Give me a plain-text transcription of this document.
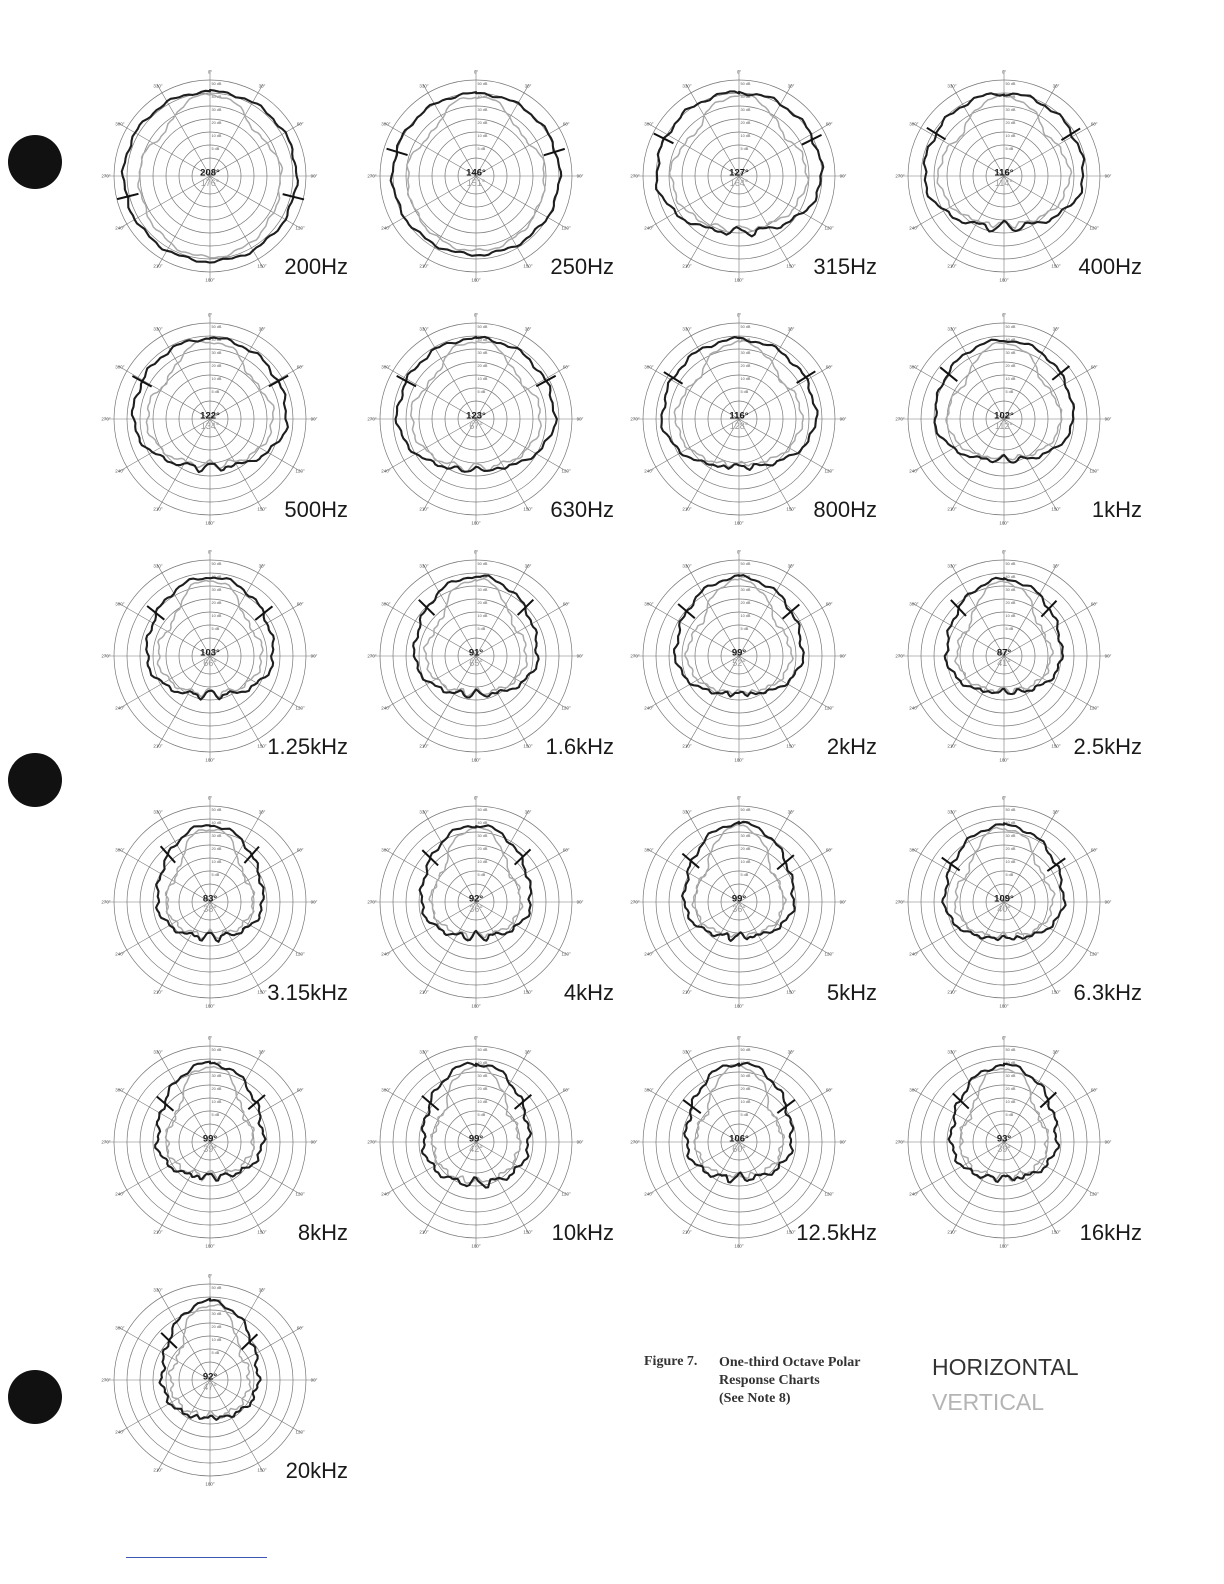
0°
30°
60°
90°
120°
150°
180°
210°
240°
270°
300°
330°	50 dB
40 dB
30 dB
20 dB
10 dB
5 dB
208°
176°
200Hz
0°
30°
60°
90°
120°
150°
180°
210°
240°
270°
300°
330°	50 dB
40 dB
30 dB
20 dB
10 dB
5 dB
146°
151°
250Hz
0°
30°
60°
90°
120°
150°
180°
210°
240°
270°
300°
330°	50 dB
40 dB
30 dB
20 dB
10 dB
5 dB
127°
164°
315Hz
0°
30°
60°
90°
120°
150°
180°
210°
240°
270°
300°
330°	50 dB
40 dB
30 dB
20 dB
10 dB
5 dB
116°
114°
400Hz
0°
30°
60°
90°
120°
150°
180°
210°
240°
270°
300°
330°	50 dB
40 dB
30 dB
20 dB
10 dB
5 dB
122°
134°
500Hz
0°
30°
60°
90°
120°
150°
180°
210°
240°
270°
300°
330°	50 dB
40 dB
30 dB
20 dB
10 dB
5 dB
123°
67°
630Hz
0°
30°
60°
90°
120°
150°
180°
210°
240°
270°
300°
330°	50 dB
40 dB
30 dB
20 dB
10 dB
5 dB
116°
128°
800Hz
0°
30°
60°
90°
120°
150°
180°
210°
240°
270°
300°
330°	50 dB
40 dB
30 dB
20 dB
10 dB
5 dB
102°
112°
1kHz
0°
30°
60°
90°
120°
150°
180°
210°
240°
270°
300°
330°	50 dB
40 dB
30 dB
20 dB
10 dB
5 dB
103°
66°
1.25kHz
0°
30°
60°
90°
120°
150°
180°
210°
240°
270°
300°
330°	50 dB
40 dB
30 dB
20 dB
10 dB
5 dB
91°
65°
1.6kHz
0°
30°
60°
90°
120°
150°
180°
210°
240°
270°
300°
330°	50 dB
40 dB
30 dB
20 dB
10 dB
5 dB
99°
52°
2kHz
0°
30°
60°
90°
120°
150°
180°
210°
240°
270°
300°
330°	50 dB
40 dB
30 dB
20 dB
10 dB
5 dB
87°
41°
2.5kHz
0°
30°
60°
90°
120°
150°
180°
210°
240°
270°
300°
330°	50 dB
40 dB
30 dB
20 dB
10 dB
5 dB
83°
38°
3.15kHz
0°
30°
60°
90°
120°
150°
180°
210°
240°
270°
300°
330°	50 dB
40 dB
30 dB
20 dB
10 dB
5 dB
92°
36°
4kHz
0°
30°
60°
90°
120°
150°
180°
210°
240°
270°
300°
330°	50 dB
40 dB
30 dB
20 dB
10 dB
5 dB
99°
36°
5kHz
0°
30°
60°
90°
120°
150°
180°
210°
240°
270°
300°
330°	50 dB
40 dB
30 dB
20 dB
10 dB
5 dB
109°
40°
6.3kHz
0°
30°
60°
90°
120°
150°
180°
210°
240°
270°
300°
330°	50 dB
40 dB
30 dB
20 dB
10 dB
5 dB
99°
39°
8kHz
0°
30°
60°
90°
120°
150°
180°
210°
240°
270°
300°
330°	50 dB
40 dB
30 dB
20 dB
10 dB
5 dB
99°
42°
10kHz
0°
30°
60°
90°
120°
150°
180°
210°
240°
270°
300°
330°	50 dB
40 dB
30 dB
20 dB
10 dB
5 dB
106°
60°
12.5kHz
0°
30°
60°
90°
120°
150°
180°
210°
240°
270°
300°
330°	50 dB
40 dB
30 dB
20 dB
10 dB
5 dB
93°
39°
16kHz
0°
30°
60°
90°
120°
150°
180°
210°
240°
270°
300°
330°	50 dB
40 dB
30 dB
20 dB
10 dB
5 dB
92°
47°
20kHz
Figure 7. One-third Octave Polar
Response Charts
(See Note 8)
HORIZONTAL
VERTICAL
